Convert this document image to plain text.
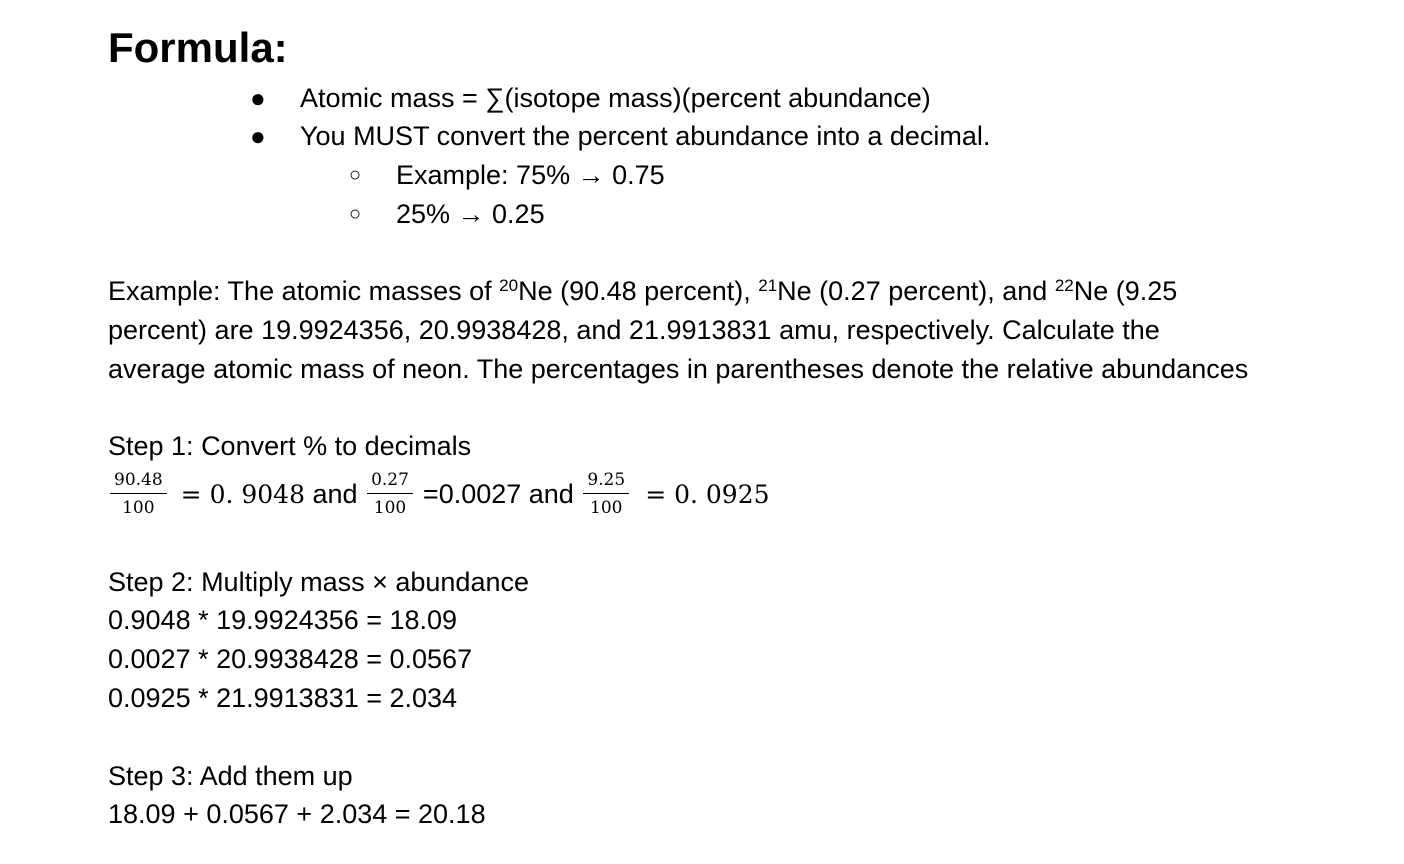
Formula:
● Atomic mass = ∑(isotope mass)(percent abundance)
● You MUST convert the percent abundance into a decimal.
○ Example: 75% → 0.75
○ 25% → 0.25
Example: The atomic masses of $^{20}$Ne (90.48 percent), $^{21}$Ne (0.27 percent), and $^{22}$Ne (9.25
percent) are 19.9924356, 20.9938428, and 21.9913831 amu, respectively. Calculate the
average atomic mass of neon. The percentages in parentheses denote the relative abundances
Step 1: Convert % to decimals
$\frac{90.48}{100} = 0$. 9048 and $\frac{0.27}{100} =0.0027$ and $\frac{9.25}{100} = 0$. 0925
Step 2: Multiply mass × abundance
0.9048 * 19.9924356 = 18.09
0.0027 * 20.9938428 = 0.0567
0.0925 * 21.9913831 = 2.034
Step 3: Add them up
18.09 + 0.0567 + 2.034 = 20.18
